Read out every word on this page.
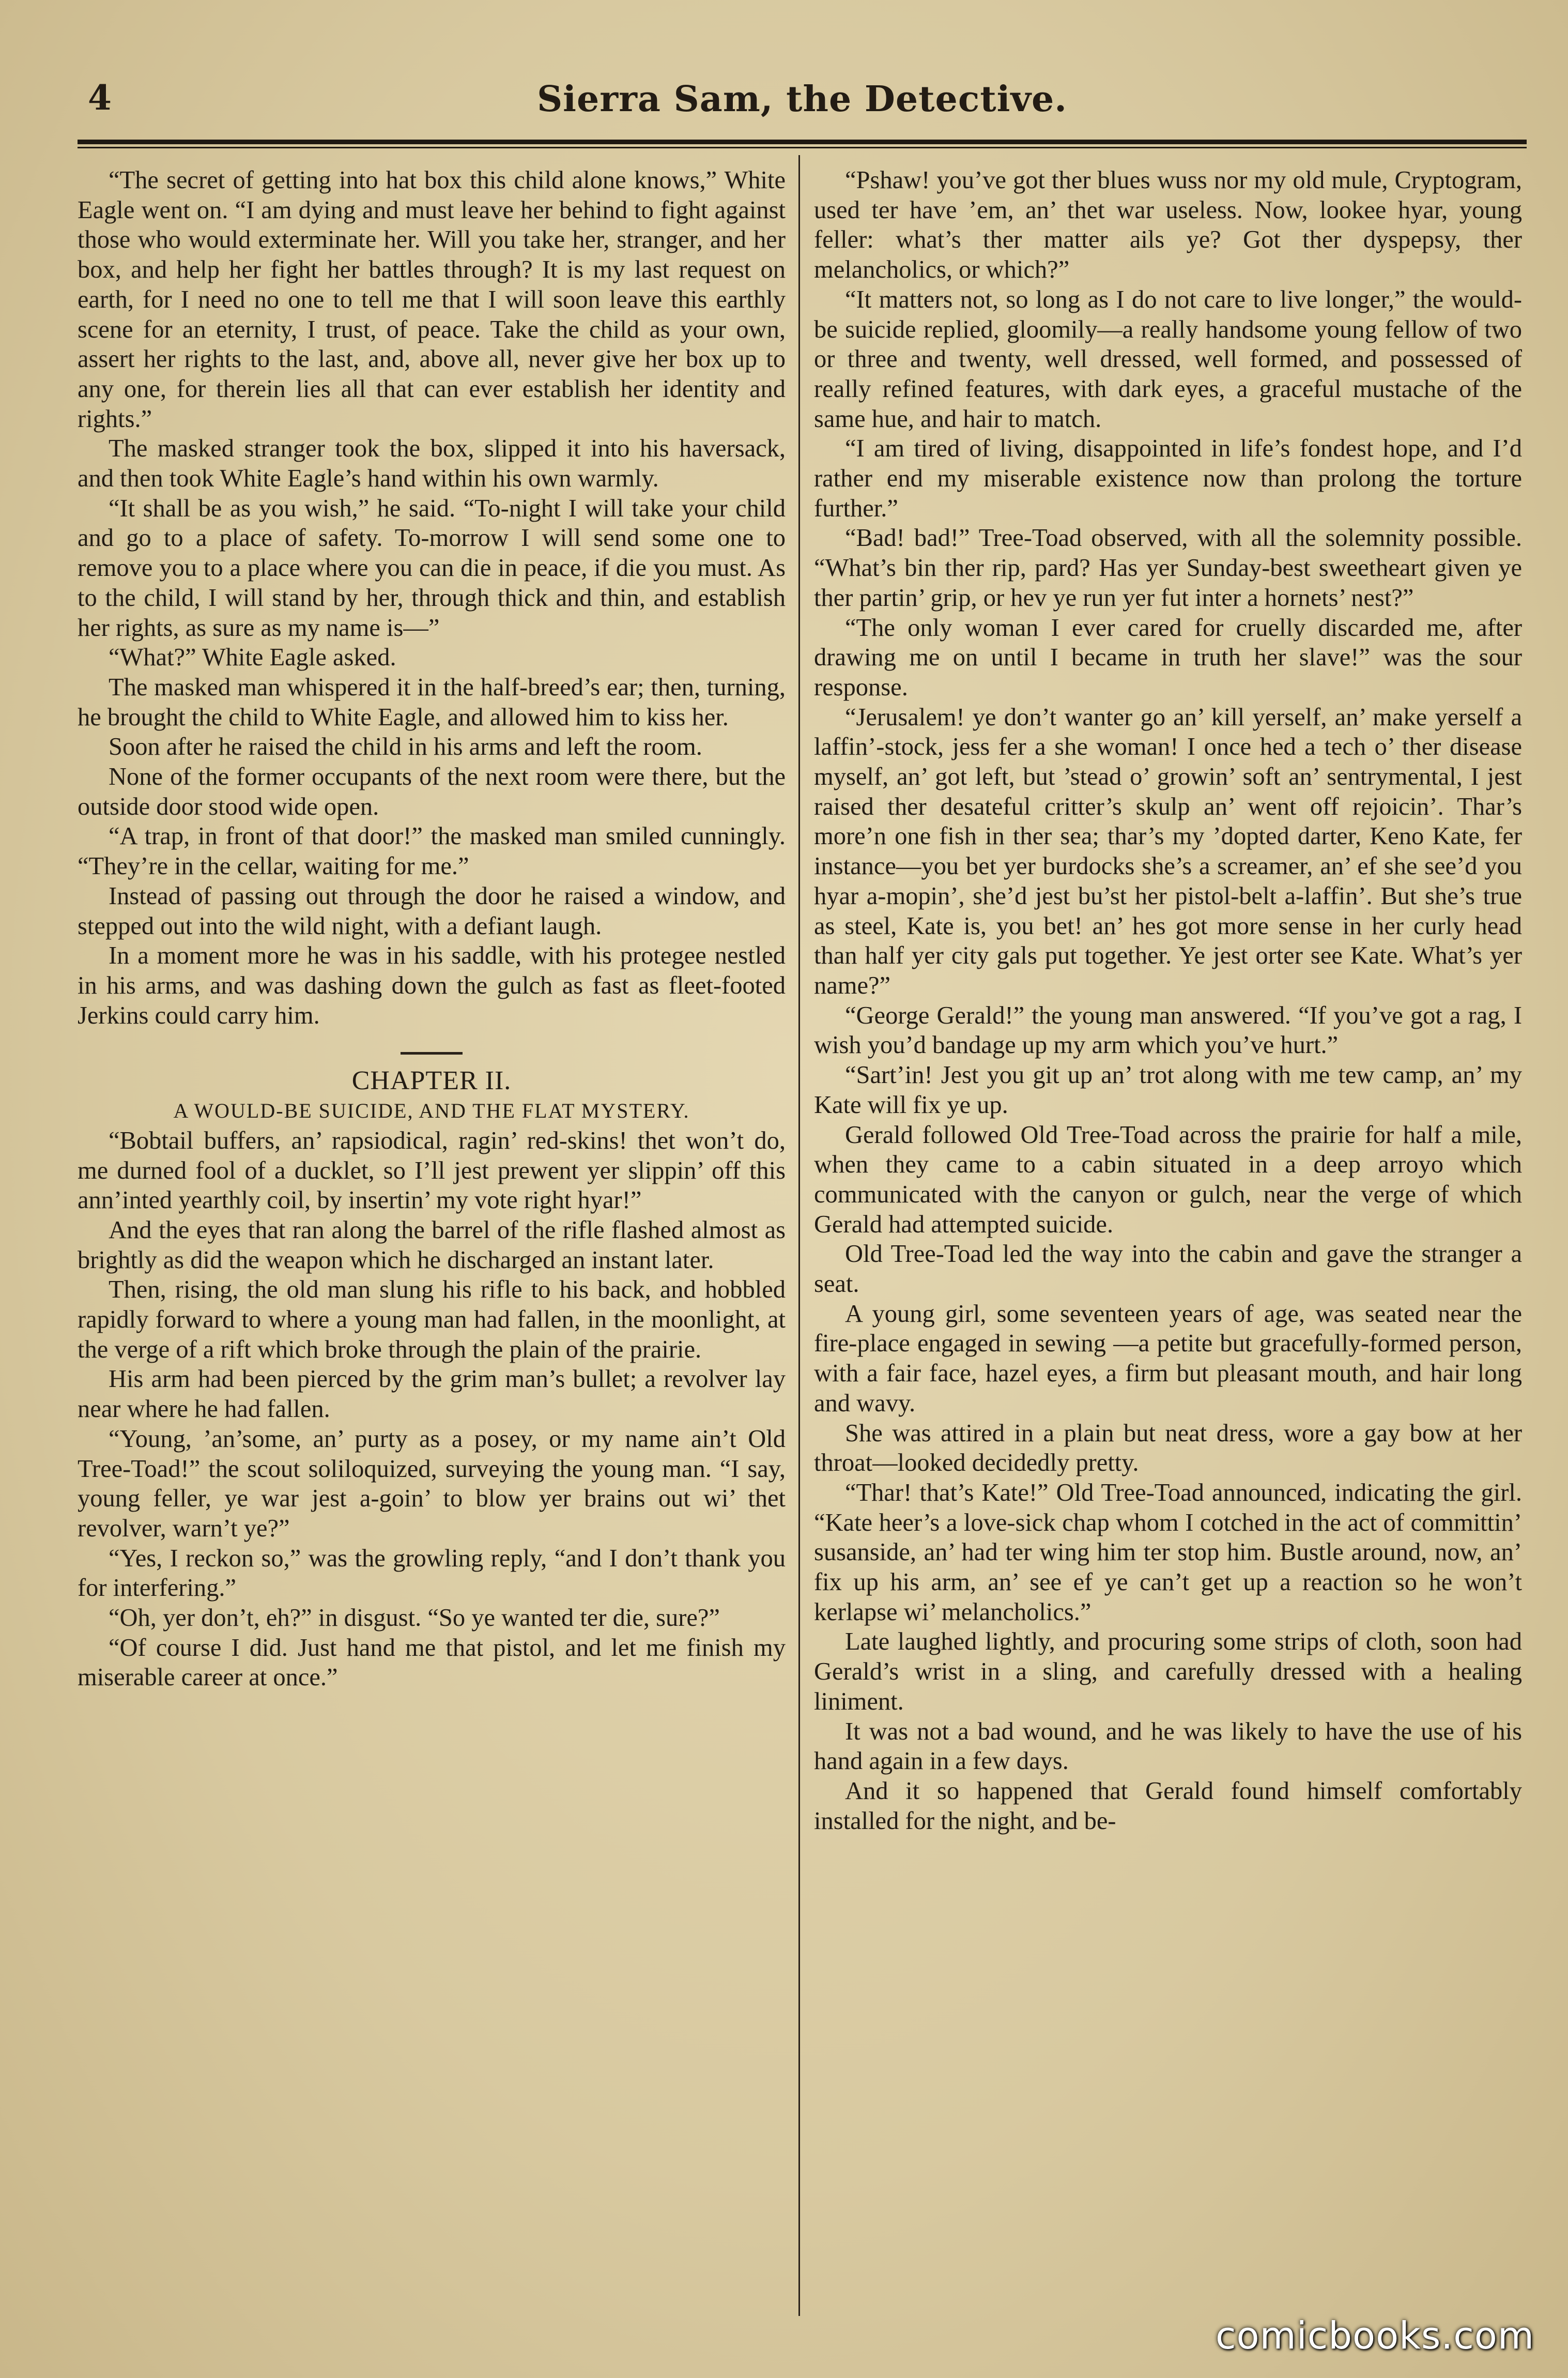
4	Sierra Sam, the Detective.

“The secret of getting into hat box this child alone knows,” White Eagle went on. “I am dying and must leave her behind to fight against those who would exterminate her. Will you take her, stranger, and her box, and help her fight her battles through? It is my last request on earth, for I need no one to tell me that I will soon leave this earthly scene for an eternity, I trust, of peace. Take the child as your own, assert her rights to the last, and, above all, never give her box up to any one, for therein lies all that can ever establish her identity and rights.”

The masked stranger took the box, slipped it into his haversack, and then took White Eagle’s hand within his own warmly.

“It shall be as you wish,” he said. “To-night I will take your child and go to a place of safety. To-morrow I will send some one to remove you to a place where you can die in peace, if die you must. As to the child, I will stand by her, through thick and thin, and establish her rights, as sure as my name is—”

“What?” White Eagle asked.

The masked man whispered it in the half-breed’s ear; then, turning, he brought the child to White Eagle, and allowed him to kiss her.

Soon after he raised the child in his arms and left the room.

None of the former occupants of the next room were there, but the outside door stood wide open.

“A trap, in front of that door!” the masked man smiled cunningly. “They’re in the cellar, waiting for me.”

Instead of passing out through the door he raised a window, and stepped out into the wild night, with a defiant laugh.

In a moment more he was in his saddle, with his protegee nestled in his arms, and was dashing down the gulch as fast as fleet-footed Jerkins could carry him.

CHAPTER II.

A WOULD-BE SUICIDE, AND THE FLAT MYSTERY.

“Bobtail buffers, an’ rapsiodical, ragin’ red-skins! thet won’t do, me durned fool of a ducklet, so I’ll jest prewent yer slippin’ off this ann’inted yearthly coil, by insertin’ my vote right hyar!”

And the eyes that ran along the barrel of the rifle flashed almost as brightly as did the weapon which he discharged an instant later.

Then, rising, the old man slung his rifle to his back, and hobbled rapidly forward to where a young man had fallen, in the moonlight, at the verge of a rift which broke through the plain of the prairie.

His arm had been pierced by the grim man’s bullet; a revolver lay near where he had fallen.

“Young, ’an’some, an’ purty as a posey, or my name ain’t Old Tree-Toad!” the scout soliloquized, surveying the young man. “I say, young feller, ye war jest a-goin’ to blow yer brains out wi’ thet revolver, warn’t ye?”

“Yes, I reckon so,” was the growling reply, “and I don’t thank you for interfering.”

“Oh, yer don’t, eh?” in disgust. “So ye wanted ter die, sure?”

“Of course I did. Just hand me that pistol, and let me finish my miserable career at once.”

“Pshaw! you’ve got ther blues wuss nor my old mule, Cryptogram, used ter have ’em, an’ thet war useless. Now, lookee hyar, young feller: what’s ther matter ails ye? Got ther dyspepsy, ther melancholics, or which?”

“It matters not, so long as I do not care to live longer,” the would-be suicide replied, gloomily—a really handsome young fellow of two or three and twenty, well dressed, well formed, and possessed of really refined features, with dark eyes, a graceful mustache of the same hue, and hair to match.

“I am tired of living, disappointed in life’s fondest hope, and I’d rather end my miserable existence now than prolong the torture further.”

“Bad! bad!” Tree-Toad observed, with all the solemnity possible. “What’s bin ther rip, pard? Has yer Sunday-best sweetheart given ye ther partin’ grip, or hev ye run yer fut inter a hornets’ nest?”

“The only woman I ever cared for cruelly discarded me, after drawing me on until I became in truth her slave!” was the sour response.

“Jerusalem! ye don’t wanter go an’ kill yerself, an’ make yerself a laffin’-stock, jess fer a she woman! I once hed a tech o’ ther disease myself, an’ got left, but ’stead o’ growin’ soft an’ sentrymental, I jest raised ther desateful critter’s skulp an’ went off rejoicin’. Thar’s more’n one fish in ther sea; thar’s my ’dopted darter, Keno Kate, fer instance—you bet yer burdocks she’s a screamer, an’ ef she see’d you hyar a-mopin’, she’d jest bu’st her pistol-belt a-laffin’. But she’s true as steel, Kate is, you bet! an’ hes got more sense in her curly head than half yer city gals put together. Ye jest orter see Kate. What’s yer name?”

“George Gerald!” the young man answered. “If you’ve got a rag, I wish you’d bandage up my arm which you’ve hurt.”

“Sart’in! Jest you git up an’ trot along with me tew camp, an’ my Kate will fix ye up.

Gerald followed Old Tree-Toad across the prairie for half a mile, when they came to a cabin situated in a deep arroyo which communicated with the canyon or gulch, near the verge of which Gerald had attempted suicide.

Old Tree-Toad led the way into the cabin and gave the stranger a seat.

A young girl, some seventeen years of age, was seated near the fire-place engaged in sewing —a petite but gracefully-formed person, with a fair face, hazel eyes, a firm but pleasant mouth, and hair long and wavy.

She was attired in a plain but neat dress, wore a gay bow at her throat—looked decidedly pretty.

“Thar! that’s Kate!” Old Tree-Toad announced, indicating the girl. “Kate heer’s a love-sick chap whom I cotched in the act of committin’ susanside, an’ had ter wing him ter stop him. Bustle around, now, an’ fix up his arm, an’ see ef ye can’t get up a reaction so he won’t kerlapse wi’ melancholics.”

Late laughed lightly, and procuring some strips of cloth, soon had Gerald’s wrist in a sling, and carefully dressed with a healing liniment.

It was not a bad wound, and he was likely to have the use of his hand again in a few days.

And it so happened that Gerald found himself comfortably installed for the night, and be-

comicbooks.com
